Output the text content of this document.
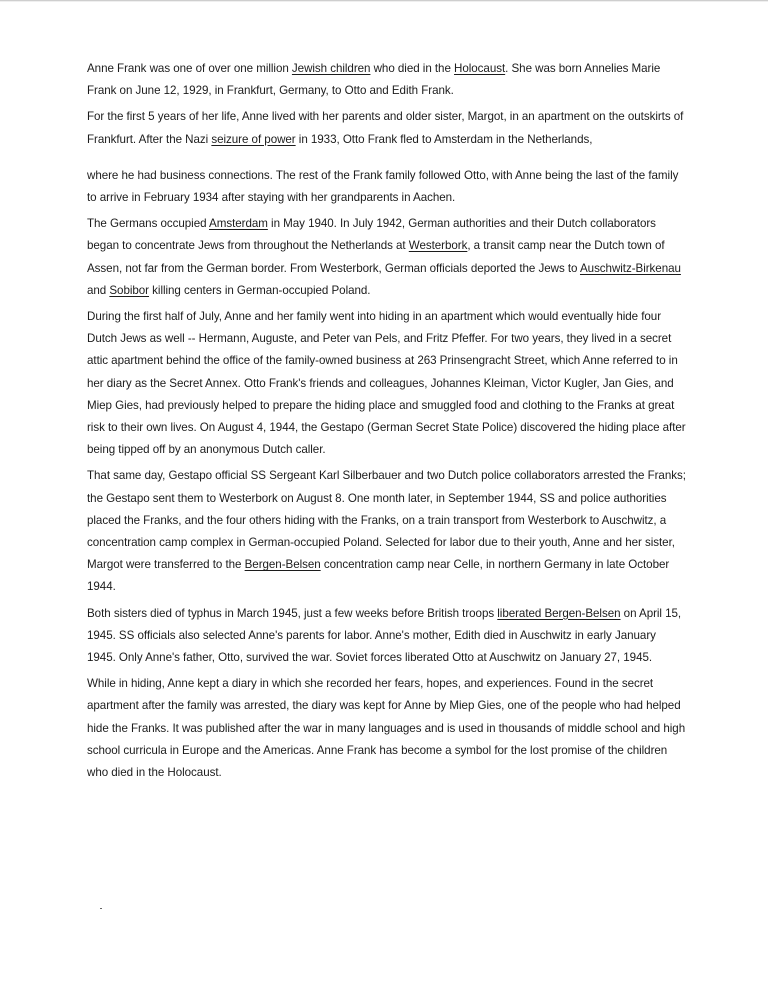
Anne Frank was one of over one million Jewish children who died in the Holocaust. She was born Annelies Marie Frank on June 12, 1929, in Frankfurt, Germany, to Otto and Edith Frank.

For the first 5 years of her life, Anne lived with her parents and older sister, Margot, in an apartment on the outskirts of Frankfurt. After the Nazi seizure of power in 1933, Otto Frank fled to Amsterdam in the Netherlands,

where he had business connections. The rest of the Frank family followed Otto, with Anne being the last of the family to arrive in February 1934 after staying with her grandparents in Aachen.

The Germans occupied Amsterdam in May 1940. In July 1942, German authorities and their Dutch collaborators began to concentrate Jews from throughout the Netherlands at Westerbork, a transit camp near the Dutch town of Assen, not far from the German border. From Westerbork, German officials deported the Jews to Auschwitz-Birkenau and Sobibor killing centers in German-occupied Poland.

During the first half of July, Anne and her family went into hiding in an apartment which would eventually hide four Dutch Jews as well -- Hermann, Auguste, and Peter van Pels, and Fritz Pfeffer. For two years, they lived in a secret attic apartment behind the office of the family-owned business at 263 Prinsengracht Street, which Anne referred to in her diary as the Secret Annex. Otto Frank's friends and colleagues, Johannes Kleiman, Victor Kugler, Jan Gies, and Miep Gies, had previously helped to prepare the hiding place and smuggled food and clothing to the Franks at great risk to their own lives. On August 4, 1944, the Gestapo (German Secret State Police) discovered the hiding place after being tipped off by an anonymous Dutch caller.

That same day, Gestapo official SS Sergeant Karl Silberbauer and two Dutch police collaborators arrested the Franks; the Gestapo sent them to Westerbork on August 8. One month later, in September 1944, SS and police authorities placed the Franks, and the four others hiding with the Franks, on a train transport from Westerbork to Auschwitz, a concentration camp complex in German-occupied Poland. Selected for labor due to their youth, Anne and her sister, Margot were transferred to the Bergen-Belsen concentration camp near Celle, in northern Germany in late October 1944.

Both sisters died of typhus in March 1945, just a few weeks before British troops liberated Bergen-Belsen on April 15, 1945. SS officials also selected Anne's parents for labor. Anne's mother, Edith died in Auschwitz in early January 1945. Only Anne's father, Otto, survived the war. Soviet forces liberated Otto at Auschwitz on January 27, 1945.

While in hiding, Anne kept a diary in which she recorded her fears, hopes, and experiences. Found in the secret apartment after the family was arrested, the diary was kept for Anne by Miep Gies, one of the people who had helped hide the Franks. It was published after the war in many languages and is used in thousands of middle school and high school curricula in Europe and the Americas. Anne Frank has become a symbol for the lost promise of the children who died in the Holocaust.
